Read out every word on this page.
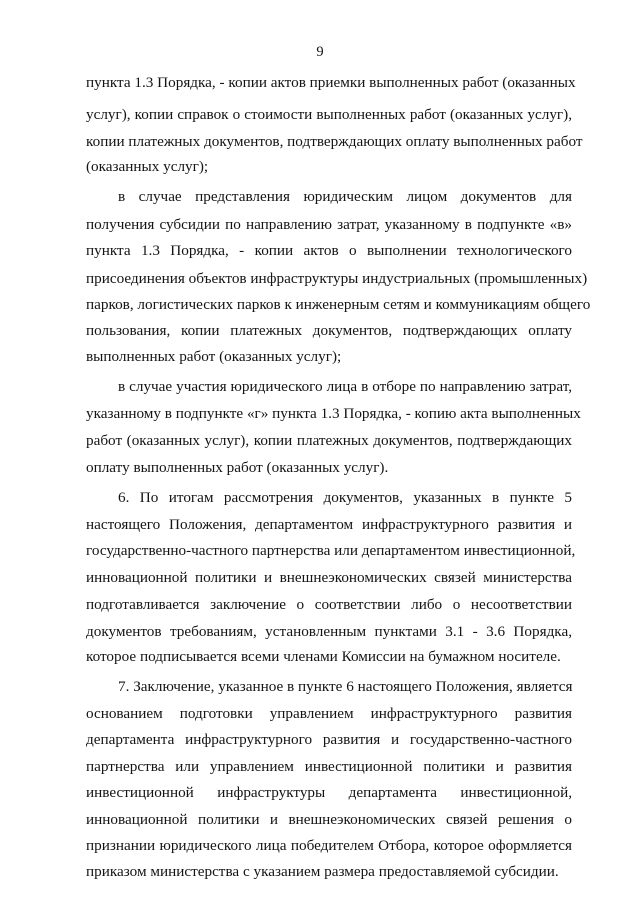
9
пункта 1.3 Порядка, - копии актов приемки выполненных работ (оказанных
услуг), копии справок о стоимости выполненных работ (оказанных услуг),
копии платежных документов, подтверждающих оплату выполненных работ
(оказанных услуг);
в случае представления юридическим лицом документов для
получения субсидии по направлению затрат, указанному в подпункте «в»
пункта 1.3 Порядка, - копии актов о выполнении технологического
присоединения объектов инфраструктуры индустриальных (промышленных)
парков, логистических парков к инженерным сетям и коммуникациям общего
пользования, копии платежных документов, подтверждающих оплату
выполненных работ (оказанных услуг);
в случае участия юридического лица в отборе по направлению затрат,
указанному в подпункте «г» пункта 1.3 Порядка, - копию акта выполненных
работ (оказанных услуг), копии платежных документов, подтверждающих
оплату выполненных работ (оказанных услуг).
6. По итогам рассмотрения документов, указанных в пункте 5
настоящего Положения, департаментом инфраструктурного развития и
государственно-частного партнерства или департаментом инвестиционной,
инновационной политики и внешнеэкономических связей министерства
подготавливается заключение о соответствии либо о несоответствии
документов требованиям, установленным пунктами 3.1 - 3.6 Порядка,
которое подписывается всеми членами Комиссии на бумажном носителе.
7. Заключение, указанное в пункте 6 настоящего Положения, является
основанием подготовки управлением инфраструктурного развития
департамента инфраструктурного развития и государственно-частного
партнерства или управлением инвестиционной политики и развития
инвестиционной инфраструктуры департамента инвестиционной,
инновационной политики и внешнеэкономических связей решения о
признании юридического лица победителем Отбора, которое оформляется
приказом министерства с указанием размера предоставляемой субсидии.
